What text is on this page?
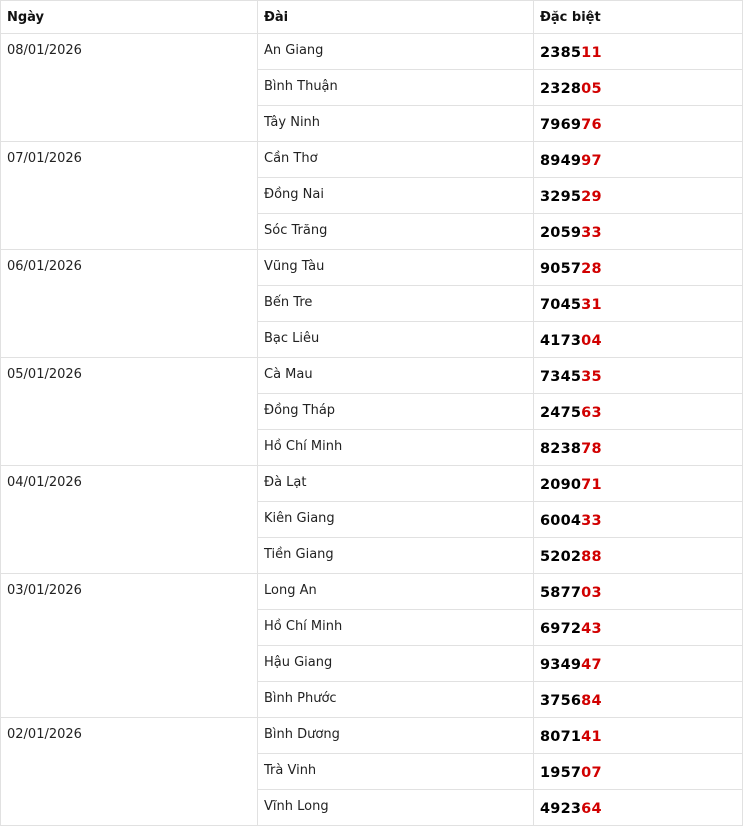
Ngày	Đài	Đặc biệt
08/01/2026	An Giang	238511
	Bình Thuận	232805
	Tây Ninh	796976
07/01/2026	Cần Thơ	894997
	Đồng Nai	329529
	Sóc Trăng	205933
06/01/2026	Vũng Tàu	905728
	Bến Tre	704531
	Bạc Liêu	417304
05/01/2026	Cà Mau	734535
	Đồng Tháp	247563
	Hồ Chí Minh	823878
04/01/2026	Đà Lạt	209071
	Kiên Giang	600433
	Tiền Giang	520288
03/01/2026	Long An	587703
	Hồ Chí Minh	697243
	Hậu Giang	934947
	Bình Phước	375684
02/01/2026	Bình Dương	807141
	Trà Vinh	195707
	Vĩnh Long	492364
